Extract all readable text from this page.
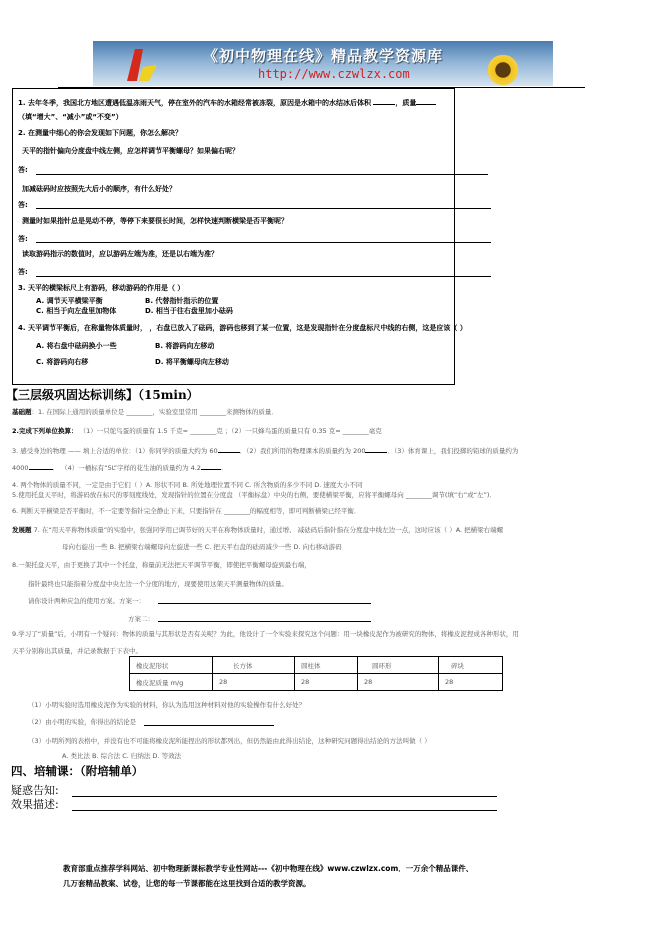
《初中物理在线》精品教学资源库
http://www.czwlzx.com
1. 去年冬季，我国北方地区遭遇低温冻雨天气，停在室外的汽车的水箱经常被冻裂，原因是水箱中的水结冰后体积	，质量
（填“增大”、“减小”或“不变”）
2. 在测量中细心的你会发现如下问题，你怎么解决？
天平的指针偏向分度盘中线左侧，应怎样调节平衡螺母？如果偏右呢？
答:
加减砝码时应按照先大后小的顺序，有什么好处？
答:
测量时如果指针总是晃动不停，等停下来要很长时间，怎样快速判断横梁是否平衡呢？
答:
读取游码指示的数值时，应以游码左端为准，还是以右端为准？
答:
3. 天平的横梁标尺上有游码，移动游码的作用是（ ）
A. 调节天平横梁平衡	B. 代替指针指示的位置
C. 相当于向左盘里加物体	D. 相当于往右盘里加小砝码
4. 天平调节平衡后，在称量物体质量时， ，右盘已放入了砝码，游码也移到了某一位置，这是发现指针在分度盘标尺中线的右侧，这是应该（ ）
A. 将右盘中砝码换小一些	B. 将游码向左移动
C. 将游码向右移	D. 将平衡螺母向左移动
【三层级巩固达标训练】（15min）
基础题：1. 在国际上通用的质量单位是 ________，实验室里常用 ________来测物体的质量．
2.完成下列单位换算： （1）一只鸵鸟蛋的质量有 1.5 千克= ________克 ；（2）一只蜂鸟蛋的质量只有 0.35 克= ________毫克
3. 感受身边的物理 —— 填上合适的单位：（1）你同学的质量大约为 60	．（2）我们所用的物理课本的质量约为 200	．（3）体育课上，我们投掷的铅球的质量约为
4000	． （4）一桶标有“5L”字样的花生油的质量约为 4.2	.
4. 两个物体的质量不同，一定是由于它们（ ）A. 形状不同 B. 所处地理位置不同 C. 所含物质的多少不同 D. 速度大小不同
5.使用托盘天平时，将游码放在标尺的零刻度线处，发现指针的位置在分度盘 （平衡标盘）中央的右侧，要使横梁平衡，应将平衡螺母向 ________调节(填“右”或“左”)．
6. 判断天平横梁是否平衡时，不一定要等指针完全静止下来，只要指针在 ________的幅度相等，即可判断横梁已经平衡．
发展题 7. 在“用天平称物体质量”的实验中，张强同学用已调节好的天平在称物体质量时，通过增、 减砝码后指针指在分度盘中线左边一点，这时应该（ ）A. 把横梁右端螺
母向右旋出一些 B. 把横梁右端螺母向左旋进一些 C. 把天平右盘的砝码减少一些 D. 向右移动游码
8.一架托盘天平，由于更换了其中一个托盘，称量前无法把天平调节平衡，即使把平衡螺母旋到最右端，
指针最终也只能指着分度盘中央左边一个分度的地方，现要使用这架天平测量物体的质量。
请你设计两种应急的使用方案。方案一：
方案二：
9.学习了“质量”后，小明有一个疑问：物体的质量与其形状是否有关呢？为此，他设计了一个实验来探究这个问题：用一块橡皮泥作为被研究的物体，将橡皮泥捏成各种形状，用
天平分别称出其质量，并记录数据于下表中。
橡皮泥形状	长方体	圆柱体	圆环形	碎块
橡皮泥质量 m/g	28	28	28	28
（1）小明实验时选用橡皮泥作为实验的材料，你认为选用这种材料对他的实验操作有什么好处？
（2）由小明的实验，你得出的结论是
（3）小明所列的表格中，并没有也不可能将橡皮泥所能捏出的形状都列出，但仍然能由此得出结论，这种研究问题得出结论的方法叫做（ ）
A. 类比法 B. 综合法 C. 归纳法 D. 等效法
四、培辅课：（附培辅单）
疑惑告知:
效果描述:
教育部重点推荐学科网站、初中物理新课标教学专业性网站---《初中物理在线》www.czwlzx.com．一万余个精品课件、
几万套精品教案、试卷，让您的每一节课都能在这里找到合适的教学资源。
